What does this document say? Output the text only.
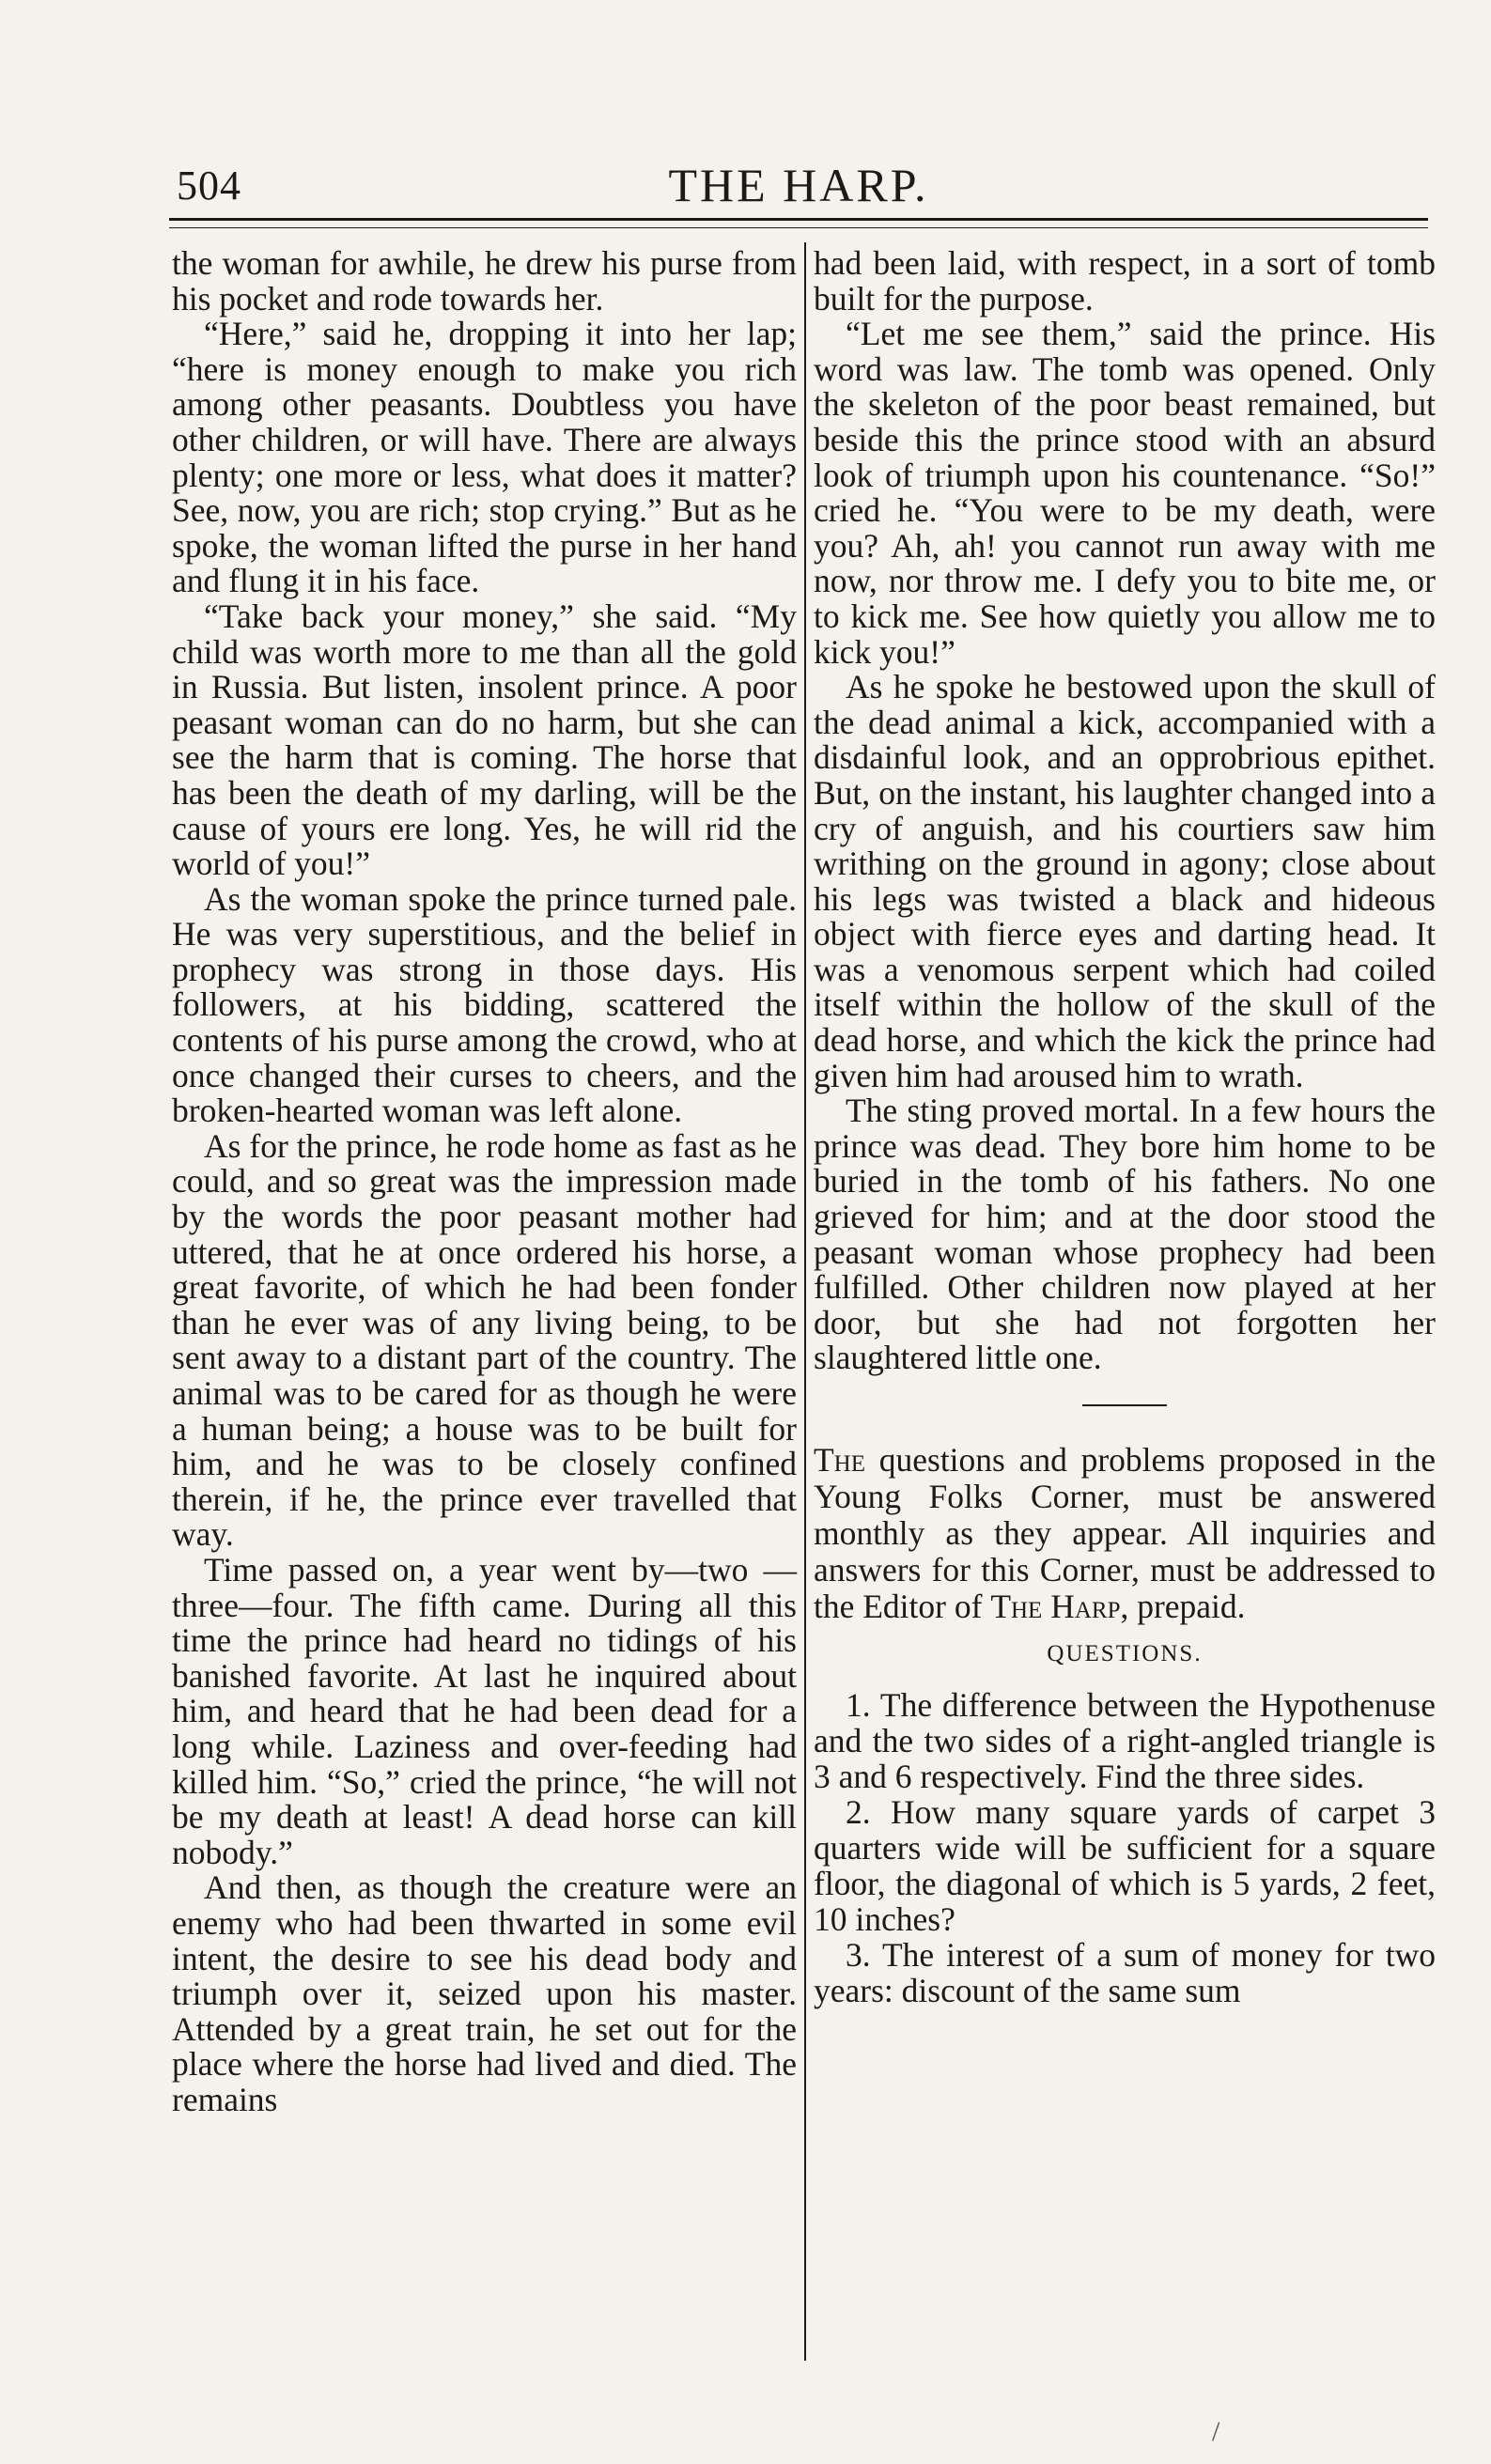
504	THE HARP.

the woman for awhile, he drew his purse from his pocket and rode towards her.

“Here,” said he, dropping it into her lap; “here is money enough to make you rich among other peasants. Doubtless you have other children, or will have. There are always plenty; one more or less, what does it matter? See, now, you are rich; stop crying.” But as he spoke, the woman lifted the purse in her hand and flung it in his face.

“Take back your money,” she said. “My child was worth more to me than all the gold in Russia. But listen, insolent prince. A poor peasant woman can do no harm, but she can see the harm that is coming. The horse that has been the death of my darling, will be the cause of yours ere long. Yes, he will rid the world of you!”

As the woman spoke the prince turned pale. He was very superstitious, and the belief in prophecy was strong in those days. His followers, at his bidding, scattered the contents of his purse among the crowd, who at once changed their curses to cheers, and the broken-hearted woman was left alone.

As for the prince, he rode home as fast as he could, and so great was the impression made by the words the poor peasant mother had uttered, that he at once ordered his horse, a great favorite, of which he had been fonder than he ever was of any living being, to be sent away to a distant part of the country. The animal was to be cared for as though he were a human being; a house was to be built for him, and he was to be closely confined therein, if he, the prince ever travelled that way.

Time passed on, a year went by—two —three—four. The fifth came. During all this time the prince had heard no tidings of his banished favorite. At last he inquired about him, and heard that he had been dead for a long while. Laziness and over-feeding had killed him. “So,” cried the prince, “he will not be my death at least! A dead horse can kill nobody.”

And then, as though the creature were an enemy who had been thwarted in some evil intent, the desire to see his dead body and triumph over it, seized upon his master. Attended by a great train, he set out for the place where the horse had lived and died. The remains

had been laid, with respect, in a sort of tomb built for the purpose.

“Let me see them,” said the prince. His word was law. The tomb was opened. Only the skeleton of the poor beast remained, but beside this the prince stood with an absurd look of triumph upon his countenance. “So!” cried he. “You were to be my death, were you? Ah, ah! you cannot run away with me now, nor throw me. I defy you to bite me, or to kick me. See how quietly you allow me to kick you!”

As he spoke he bestowed upon the skull of the dead animal a kick, accompanied with a disdainful look, and an opprobrious epithet. But, on the instant, his laughter changed into a cry of anguish, and his courtiers saw him writhing on the ground in agony; close about his legs was twisted a black and hideous object with fierce eyes and darting head. It was a venomous serpent which had coiled itself within the hollow of the skull of the dead horse, and which the kick the prince had given him had aroused him to wrath.

The sting proved mortal. In a few hours the prince was dead. They bore him home to be buried in the tomb of his fathers. No one grieved for him; and at the door stood the peasant woman whose prophecy had been fulfilled. Other children now played at her door, but she had not forgotten her slaughtered little one.

The questions and problems proposed in the Young Folks Corner, must be answered monthly as they appear. All inquiries and answers for this Corner, must be addressed to the Editor of The Harp, prepaid.

QUESTIONS.

1. The difference between the Hypothenuse and the two sides of a right-angled triangle is 3 and 6 respectively. Find the three sides.

2. How many square yards of carpet 3 quarters wide will be sufficient for a square floor, the diagonal of which is 5 yards, 2 feet, 10 inches?

3. The interest of a sum of money for two years: discount of the same sum

/
